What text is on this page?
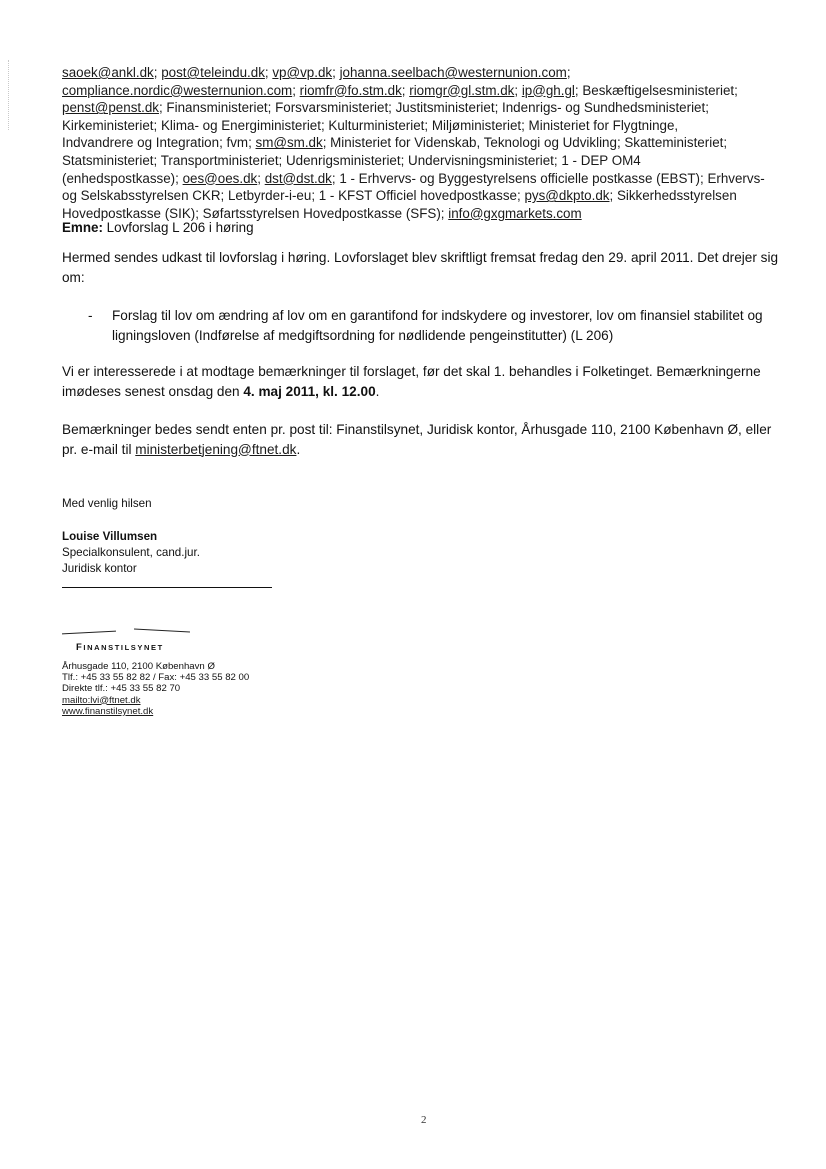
saoek@ankl.dk; post@teleindu.dk; vp@vp.dk; johanna.seelbach@westernunion.com;
compliance.nordic@westernunion.com; riomfr@fo.stm.dk; riomgr@gl.stm.dk; ip@gh.gl; Beskæftigelsesministeriet;
penst@penst.dk; Finansministeriet; Forsvarsministeriet; Justitsministeriet; Indenrigs- og Sundhedsministeriet;
Kirkeministeriet; Klima- og Energiministeriet; Kulturministeriet; Miljøministeriet; Ministeriet for Flygtninge,
Indvandrere og Integration; fvm; sm@sm.dk; Ministeriet for Videnskab, Teknologi og Udvikling; Skatteministeriet;
Statsministeriet; Transportministeriet; Udenrigsministeriet; Undervisningsministeriet; 1 - DEP OM4
(enhedspostkasse); oes@oes.dk; dst@dst.dk; 1 - Erhvervs- og Byggestyrelsens officielle postkasse (EBST); Erhvervs-
og Selskabsstyrelsen CKR; Letbyrder-i-eu; 1 - KFST Officiel hovedpostkasse; pys@dkpto.dk; Sikkerhedsstyrelsen
Hovedpostkasse (SIK); Søfartsstyrelsen Hovedpostkasse (SFS); info@gxgmarkets.com
Emne: Lovforslag L 206 i høring
Hermed sendes udkast til lovforslag i høring. Lovforslaget blev skriftligt fremsat fredag den 29. april 2011. Det drejer sig om:
- Forslag til lov om ændring af lov om en garantifond for indskydere og investorer, lov om finansiel stabilitet og ligningsloven (Indførelse af medgiftsordning for nødlidende pengeinstitutter) (L 206)
Vi er interesserede i at modtage bemærkninger til forslaget, før det skal 1. behandles i Folketinget. Bemærkningerne imødeses senest onsdag den 4. maj 2011, kl. 12.00.
Bemærkninger bedes sendt enten pr. post til: Finanstilsynet, Juridisk kontor, Århusgade 110, 2100 København Ø, eller pr. e-mail til ministerbetjening@ftnet.dk.
Med venlig hilsen
Louise Villumsen
Specialkonsulent, cand.jur.
Juridisk kontor
FINANSTILSYNET
Århusgade 110, 2100 København Ø
Tlf.: +45 33 55 82 82 / Fax: +45 33 55 82 00
Direkte tlf.: +45 33 55 82 70
mailto:lvi@ftnet.dk
www.finanstilsynet.dk
2
